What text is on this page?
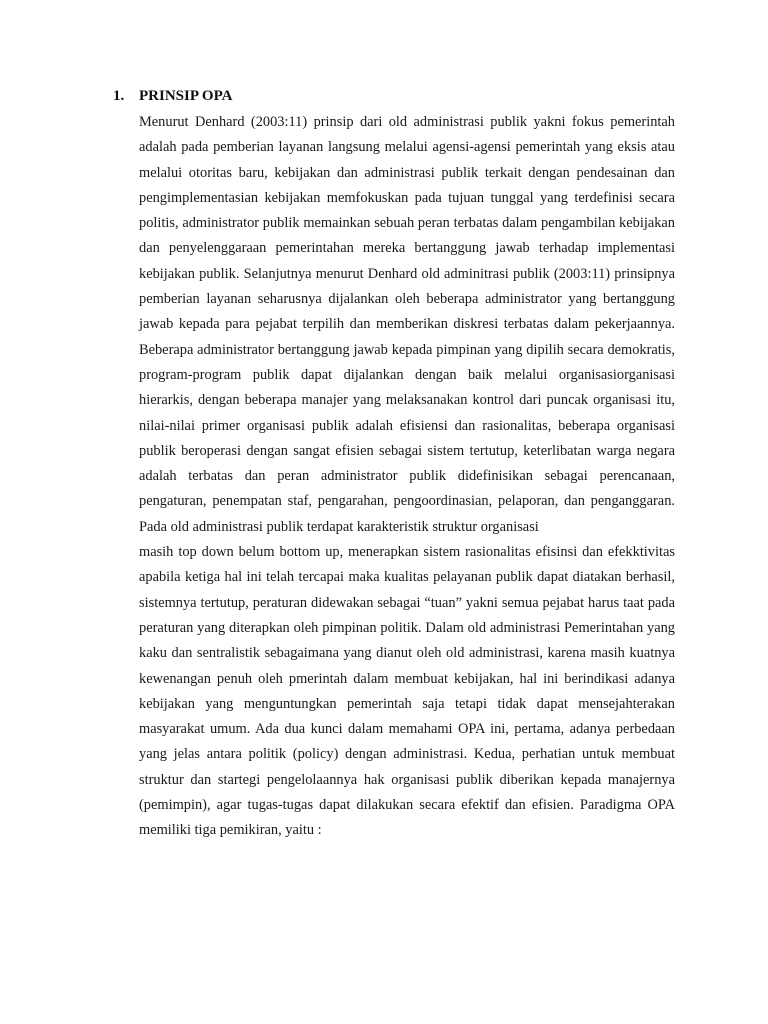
1. PRINSIP OPA

Menurut Denhard (2003:11) prinsip dari old administrasi publik yakni fokus pemerintah adalah pada pemberian layanan langsung melalui agensi-agensi pemerintah yang eksis atau melalui otoritas baru, kebijakan dan administrasi publik terkait dengan pendesainan dan pengimplementasian kebijakan memfokuskan pada tujuan tunggal yang terdefinisi secara politis, administrator publik memainkan sebuah peran terbatas dalam pengambilan kebijakan dan penyelenggaraan pemerintahan mereka bertanggung jawab terhadap implementasi kebijakan publik. Selanjutnya menurut Denhard old adminitrasi publik (2003:11) prinsipnya pemberian layanan seharusnya dijalankan oleh beberapa administrator yang bertanggung jawab kepada para pejabat terpilih dan memberikan diskresi terbatas dalam pekerjaannya. Beberapa administrator bertanggung jawab kepada pimpinan yang dipilih secara demokratis, program-program publik dapat dijalankan dengan baik melalui organisasiorganisasi hierarkis, dengan beberapa manajer yang melaksanakan kontrol dari puncak organisasi itu, nilai-nilai primer organisasi publik adalah efisiensi dan rasionalitas, beberapa organisasi publik beroperasi dengan sangat efisien sebagai sistem tertutup, keterlibatan warga negara adalah terbatas dan peran administrator publik didefinisikan sebagai perencanaan, pengaturan, penempatan staf, pengarahan, pengoordinasian, pelaporan, dan penganggaran. Pada old administrasi publik terdapat karakteristik struktur organisasi

masih top down belum bottom up, menerapkan sistem rasionalitas efisinsi dan efekktivitas apabila ketiga hal ini telah tercapai maka kualitas pelayanan publik dapat diatakan berhasil, sistemnya tertutup, peraturan didewakan sebagai “tuan” yakni semua pejabat harus taat pada peraturan yang diterapkan oleh pimpinan politik. Dalam old administrasi Pemerintahan yang kaku dan sentralistik sebagaimana yang dianut oleh old administrasi, karena masih kuatnya kewenangan penuh oleh pmerintah dalam membuat kebijakan, hal ini berindikasi adanya kebijakan yang menguntungkan pemerintah saja tetapi tidak dapat mensejahterakan masyarakat umum. Ada dua kunci dalam memahami OPA ini, pertama, adanya perbedaan yang jelas antara politik (policy) dengan administrasi. Kedua, perhatian untuk membuat struktur dan startegi pengelolaannya hak organisasi publik diberikan kepada manajernya (pemimpin), agar tugas-tugas dapat dilakukan secara efektif dan efisien. Paradigma OPA memiliki tiga pemikiran, yaitu :
